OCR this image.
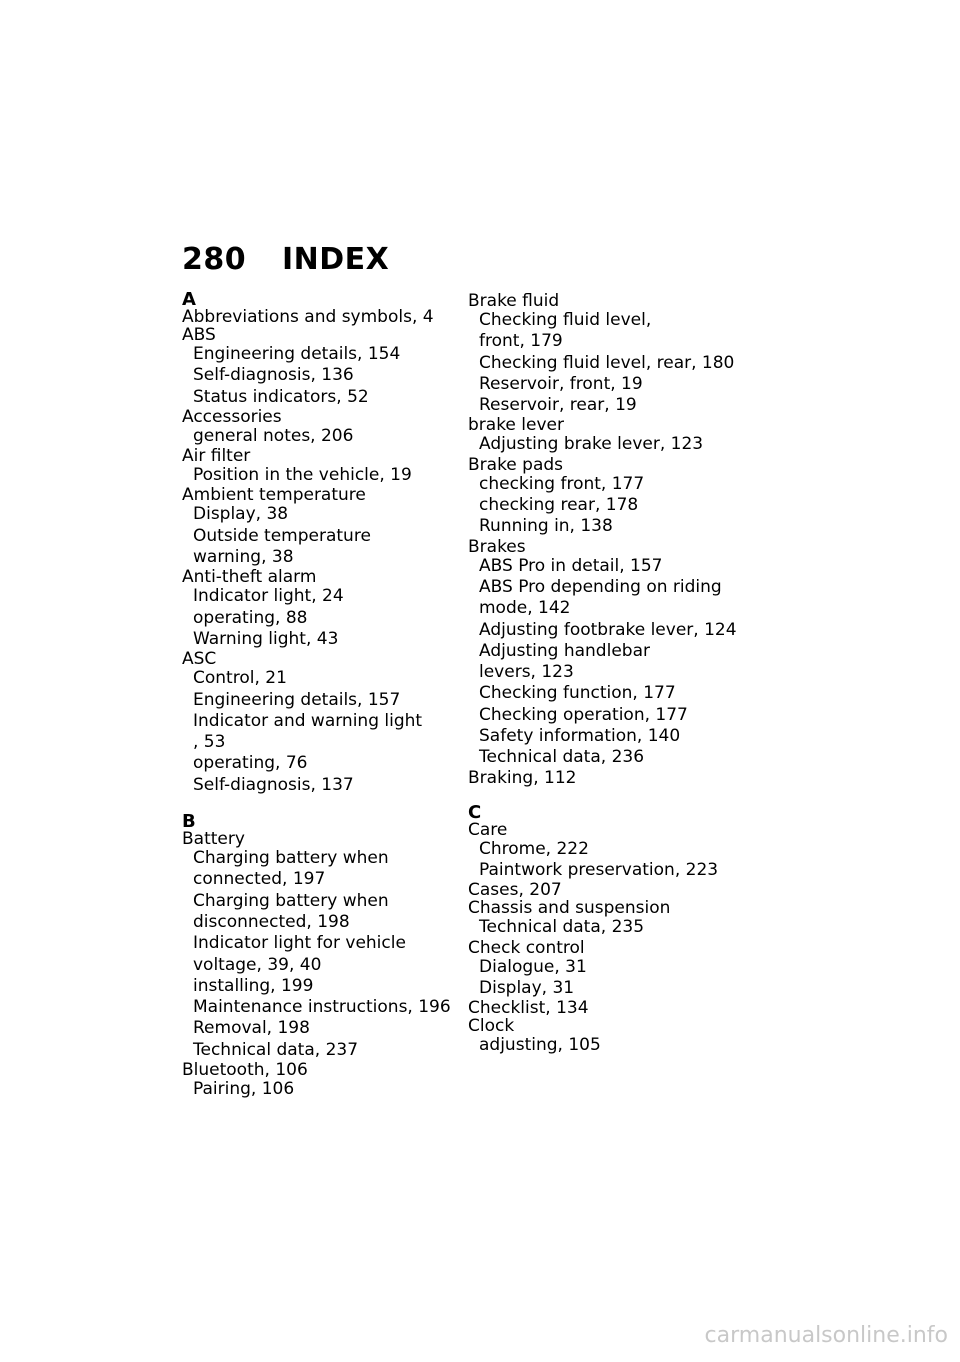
280 INDEX
A
Abbreviations and symbols, 4
ABS
Engineering details, 154
Self-diagnosis, 136
Status indicators, 52
Accessories
general notes, 206
Air filter
Position in the vehicle, 19
Ambient temperature
Display, 38
Outside temperature
warning, 38
Anti-theft alarm
Indicator light, 24
operating, 88
Warning light, 43
ASC
Control, 21
Engineering details, 157
Indicator and warning light
, 53
operating, 76
Self-diagnosis, 137
B
Battery
Charging battery when
connected, 197
Charging battery when
disconnected, 198
Indicator light for vehicle
voltage, 39, 40
installing, 199
Maintenance instructions, 196
Removal, 198
Technical data, 237
Bluetooth, 106
Pairing, 106
Brake fluid
Checking fluid level,
front, 179
Checking fluid level, rear, 180
Reservoir, front, 19
Reservoir, rear, 19
brake lever
Adjusting brake lever, 123
Brake pads
checking front, 177
checking rear, 178
Running in, 138
Brakes
ABS Pro in detail, 157
ABS Pro depending on riding
mode, 142
Adjusting footbrake lever, 124
Adjusting handlebar
levers, 123
Checking function, 177
Checking operation, 177
Safety information, 140
Technical data, 236
Braking, 112
C
Care
Chrome, 222
Paintwork preservation, 223
Cases, 207
Chassis and suspension
Technical data, 235
Check control
Dialogue, 31
Display, 31
Checklist, 134
Clock
adjusting, 105
carmanualsonline.info
